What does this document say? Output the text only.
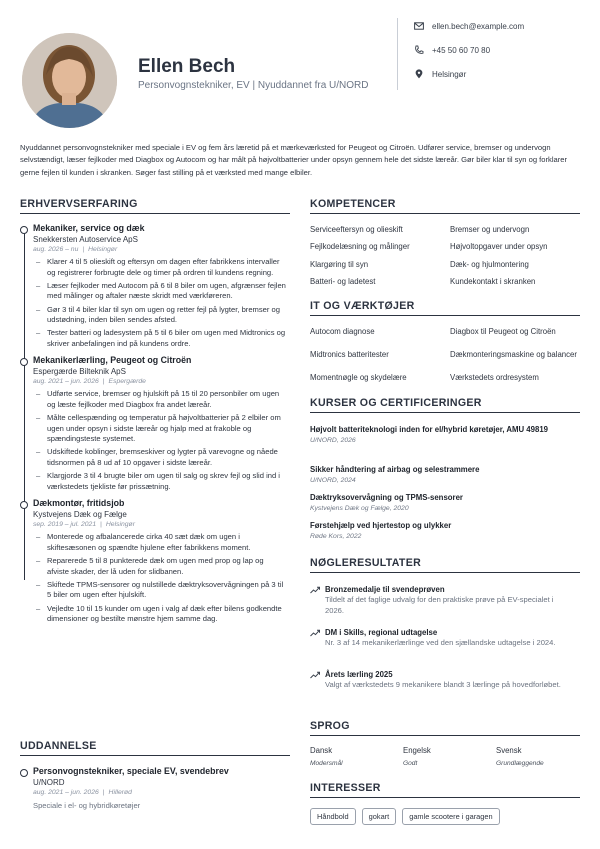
Ellen Bech
Personvognstekniker, EV | Nyuddannet fra U/NORD
ellen.bech@example.com
+45 50 60 70 80
Helsingør

Nyuddannet personvognstekniker med speciale i EV og fem års læretid på et mærkeværksted for Peugeot og Citroën. Udfører service, bremser og undervogn selvstændigt, læser fejlkoder med Diagbox og Autocom og har målt på højvoltbatterier under opsyn gennem hele det sidste læreår. Gør biler klar til syn og forklarer gerne fejlen til kunden i skranken. Søger fast stilling på et værksted med mange elbiler.

ERHVERVSERFARING
Mekaniker, service og dæk
Snekkersten Autoservice ApS
aug. 2026 – nu | Helsingør
– Klarer 4 til 5 olieskift og eftersyn om dagen efter fabrikkens intervaller og registrerer forbrugte dele og timer på ordren til kundens regning.
– Læser fejlkoder med Autocom på 6 til 8 biler om ugen, afgrænser fejlen med målinger og aftaler næste skridt med værkføreren.
– Gør 3 til 4 biler klar til syn om ugen og retter fejl på lygter, bremser og udstødning, inden bilen sendes afsted.
– Tester batteri og ladesystem på 5 til 6 biler om ugen med Midtronics og skriver anbefalingen ind på kundens ordre.
Mekanikerlærling, Peugeot og Citroën
Espergærde Bilteknik ApS
aug. 2021 – jun. 2026 | Espergærde
– Udførte service, bremser og hjulskift på 15 til 20 personbiler om ugen og læste fejlkoder med Diagbox fra andet læreår.
– Målte cellespænding og temperatur på højvoltbatterier på 2 elbiler om ugen under opsyn i sidste læreår og hjalp med at frakoble og spændingsteste systemet.
– Udskiftede koblinger, bremseskiver og lygter på varevogne og nåede tidsnormen på 8 ud af 10 opgaver i sidste læreår.
– Klargjorde 3 til 4 brugte biler om ugen til salg og skrev fejl og slid ind i værkstedets tjekliste før prissætning.
Dækmontør, fritidsjob
Kystvejens Dæk og Fælge
sep. 2019 – jul. 2021 | Helsingør
– Monterede og afbalancerede cirka 40 sæt dæk om ugen i skiftesæsonen og spændte hjulene efter fabrikkens moment.
– Reparerede 5 til 8 punkterede dæk om ugen med prop og lap og afviste skader, der lå uden for slidbanen.
– Skiftede TPMS-sensorer og nulstillede dæktryksovervågningen på 3 til 5 biler om ugen efter hjulskift.
– Vejledte 10 til 15 kunder om ugen i valg af dæk efter bilens godkendte dimensioner og bestilte mønstre hjem samme dag.
UDDANNELSE
Personvognstekniker, speciale EV, svendebrev
U/NORD
aug. 2021 – jun. 2026 | Hillerød
Speciale i el- og hybridkøretøjer
KOMPETENCER
Serviceeftersyn og olieskift	Bremser og undervogn
Fejlkodelæsning og målinger	Højvoltopgaver under opsyn
Klargøring til syn	Dæk- og hjulmontering
Batteri- og ladetest	Kundekontakt i skranken
IT OG VÆRKTØJER
Autocom diagnose	Diagbox til Peugeot og Citroën
Midtronics batteritester	Dækmonteringsmaskine og balancer
Momentnøgle og skydelære	Værkstedets ordresystem
KURSER OG CERTIFICERINGER
Højvolt batteriteknologi inden for el/hybrid køretøjer, AMU 49819
U/NORD, 2026
Sikker håndtering af airbag og selestrammere
U/NORD, 2024
Dæktryksovervågning og TPMS-sensorer
Kystvejens Dæk og Fælge, 2020
Førstehjælp ved hjertestop og ulykker
Røde Kors, 2022
NØGLERESULTATER
Bronzemedalje til svendeprøven
Tildelt af det faglige udvalg for den praktiske prøve på EV-specialet i 2026.
DM i Skills, regional udtagelse
Nr. 3 af 14 mekanikerlærlinge ved den sjællandske udtagelse i 2024.
Årets lærling 2025
Valgt af værkstedets 9 mekanikere blandt 3 lærlinge på hovedforløbet.
SPROG
Dansk
Modersmål
Engelsk
Godt
Svensk
Grundlæggende
INTERESSER
Håndbold	gokart	gamle scootere i garagen
